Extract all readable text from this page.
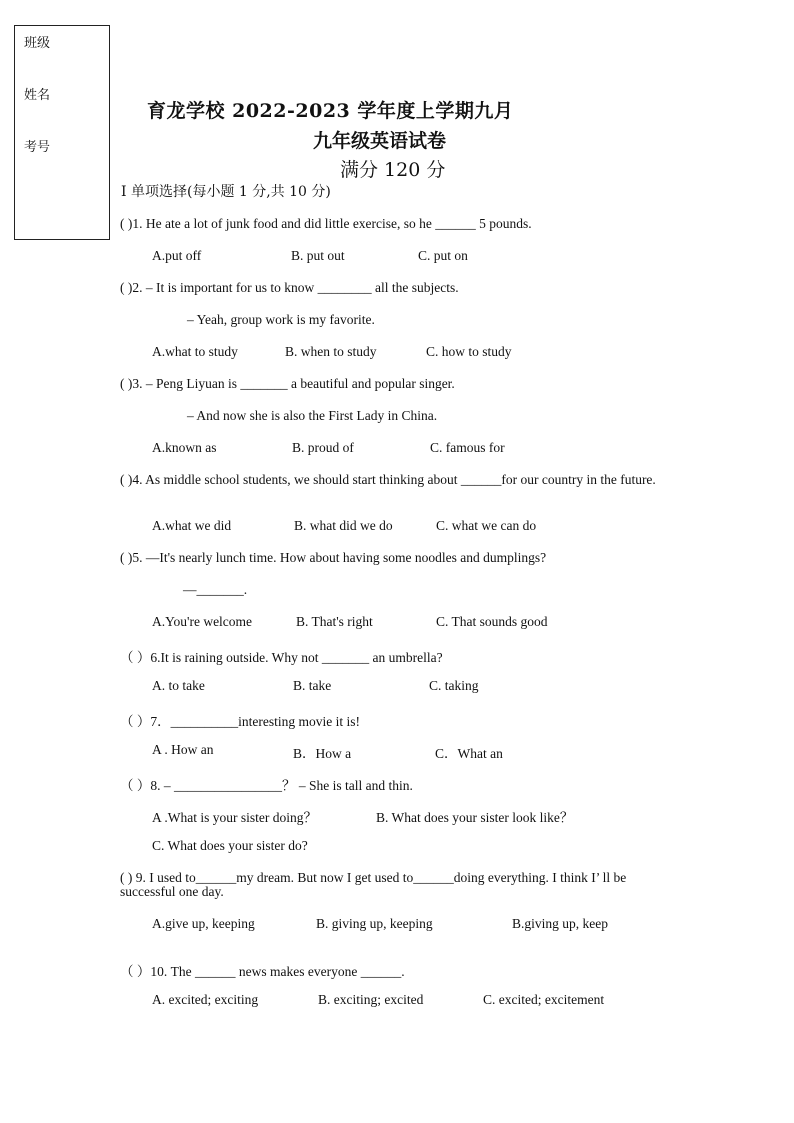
班级
姓名
考号
育龙学校 2022-2023 学年度上学期九月
九年级英语试卷
满分 120 分
Ⅰ 单项选择(每小题 1 分,共 10 分)
( )1. He ate a lot of junk food and did little exercise, so he ______ 5 pounds.
A.put off	B. put out	C. put on
( )2. – It is important for us to know ________ all the subjects.
– Yeah, group work is my favorite.
A.what to study	B. when to study	C. how to study
( )3. – Peng Liyuan is _______ a beautiful and popular singer.
– And now she is also the First Lady in China.
A.known as	B. proud of	C. famous for
( )4. As middle school students, we should start thinking about ______for our country in the future.
A.what we did	B. what did we do	C. what we can do
( )5. —It's nearly lunch time. How about having some noodles and dumplings?
—_______.
A.You're welcome	B. That's right	C. That sounds good
（ ）6.It is raining outside. Why not _______ an umbrella?
A. to take	B. take	C. taking
（ ）7．__________interesting movie it is!
A . How an	B．How a	C．What an
（ ）8. – ________________？ – She is tall and thin.
A .What is your sister doing？	B. What does your sister look like？
C. What does your sister do?
( ) 9. I used to______my dream. But now I get used to______doing everything. I think I’ ll be successful one day.
A.give up, keeping	B. giving up, keeping	B.giving up, keep
（ ）10. The ______ news makes everyone ______.
A. excited; exciting	B. exciting; excited	C. excited; excitement
